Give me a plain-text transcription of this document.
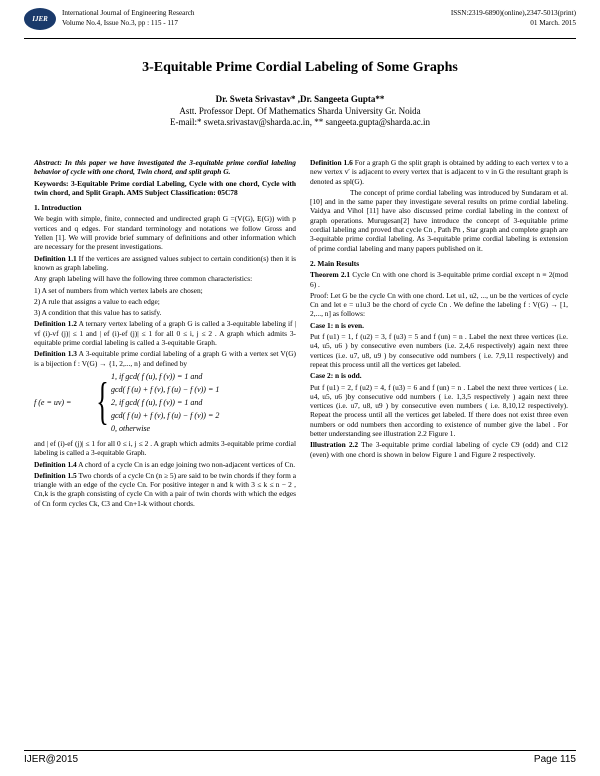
IJER
International Journal of Engineering Research
Volume No.4, Issue No.3, pp : 115 - 117
ISSN:2319-6890)(online),2347-5013(print)
01 March. 2015
3-Equitable Prime Cordial Labeling of Some Graphs
Dr. Sweta Srivastav* ,Dr. Sangeeta Gupta**
Astt. Professor Dept. Of Mathematics Sharda University Gr. Noida
E-mail:* sweta.srivastav@sharda.ac.in, ** sangeeta.gupta@sharda.ac.in

Abstract: In this paper we have investigated the 3-equitable prime cordial labeling behavior of cycle with one chord, Twin chord, and split graph G.

Keywords: 3-Equitable Prime cordial Labeling, Cycle with one chord, Cycle with twin chord, and Split Graph. AMS Subject Classification: 05C78

1. Introduction

We begin with simple, finite, connected and undirected graph G =(V(G), E(G)) with p vertices and q edges. For standard terminology and notations we follow Gross and Yellen [1]. We will provide brief summary of definitions and other information which are necessary for the present investigations.

Definition 1.1 If the vertices are assigned values subject to certain condition(s) then it is known as graph labeling.

Any graph labeling will have the following three common characteristics:

1) A set of numbers from which vertex labels are chosen;

2) A rule that assigns a value to each edge;

3) A condition that this value has to satisfy.

Definition 1.2 A ternary vertex labeling of a graph G is called a 3-equitable labeling if | vf (i)-vf (j)| ≤ 1 and | ef (i)-ef (j)| ≤ 1 for all 0 ≤ i, j ≤ 2 . A graph which admits 3-equitable prime cordial labeling is called a 3-equitable Graph.

Definition 1.3 A 3-equitable prime cordial labeling of a graph G with a vertex set V(G) is a bijection f : V(G) → {1, 2,..., n} and defined by

f (e = uv) = { 1, if gcd( f (u), f (v)) = 1 and
gcd( f (u) + f (v), f (u) − f (v)) = 1
2, if gcd( f (u), f (v)) = 1 and
gcd( f (u) + f (v), f (u) − f (v)) = 2
0, otherwise

and | ef (i)-ef (j)| ≤ 1 for all 0 ≤ i, j ≤ 2 . A graph which admits 3-equitable prime cordial labeling is called a 3-equitable Graph.

Definition 1.4 A chord of a cycle Cn is an edge joining two non-adjacent vertices of Cn.

Definition 1.5 Two chords of a cycle Cn (n ≥ 5) are said to be twin chords if they form a triangle with an edge of the cycle Cn. For positive integer n and k with 3 ≤ k ≤ n − 2 , Cn,k is the graph consisting of cycle Cn with a pair of twin chords with which the edges of Cn form cycles Ck, C3 and Cn+1-k without chords.

Definition 1.6 For a graph G the split graph is obtained by adding to each vertex v to a new vertex v′ is adjacent to every vertex that is adjacent to v in G the resultant graph is denoted as spl(G).

The concept of prime cordial labeling was introduced by Sundaram et al.[10] and in the same paper they investigate several results on prime cordial labeling. Vaidya and Vihol [11] have also discussed prime cordial labeling in the context of graph operations. Murugesan[2] have introduce the concept of 3-equitable prime cordial labeling and proved that cycle Cn , Path Pn , Star graph and complete graph are 3-equitable prime cordial labeling. As 3-equitable prime cordial labeling is extension of prime cordial labeling and many papers published on it.

2. Main Results

Theorem 2.1 Cycle Cn with one chord is 3-equitable prime cordial except n ≡ 2(mod 6) .

Proof: Let G be the cycle Cn with one chord. Let u1, u2, ..., un be the vertices of cycle Cn and let e = u1u3 be the chord of cycle Cn . We define the labeling f : V(G) → [1, 2,..., n] as follows:

Case 1: n is even.

Put f (u1) = 1, f (u2) = 3, f (u3) = 5 and f (un) = n . Label the next three vertices (i.e. u4, u5, u6 ) by consecutive even numbers (i.e. 2,4,6 respectively) again next three vertices (i.e. u7, u8, u9 ) by consecutive odd numbers ( i.e. 7,9,11 respectively) and repeat this process until all the vertices get labeled.

Case 2: n is odd.

Put f (u1) = 2, f (u2) = 4, f (u3) = 6 and f (un) = n . Label the next three vertices ( i.e. u4, u5, u6 )by consecutive odd numbers ( i.e. 1,3,5 respectively ) again next three vertices (i.e. u7, u8, u9 ) by consecutive even numbers ( i.e. 8,10,12 respectively). Repeat the process until all the vertices get labeled. If there does not exist three even numbers or odd numbers then according to existence of number give the label . For better understanding see illustration 2.2 Figure 1.

Illustration 2.2 The 3-equitable prime cordial labeling of cycle C9 (odd) and C12 (even) with one chord is shown in below Figure 1 and Figure 2 respectively.

IJER@2015	Page 115
